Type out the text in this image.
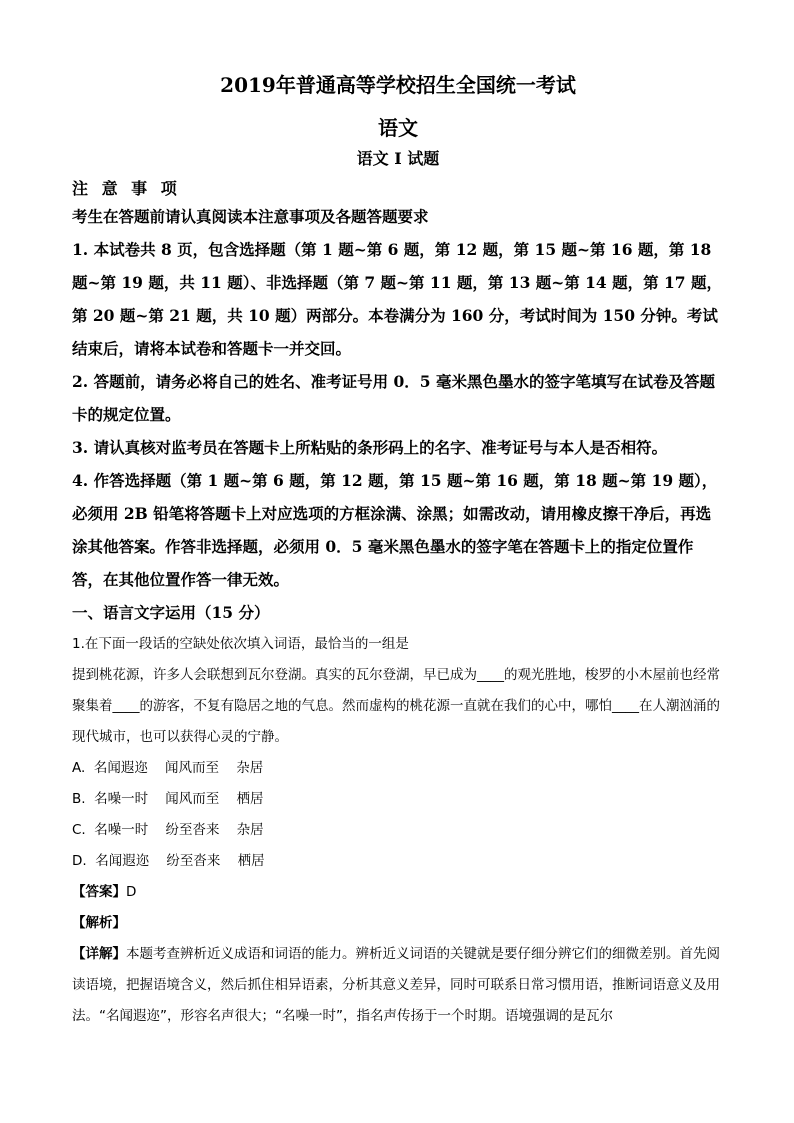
2019年普通高等学校招生全国统一考试
语文
语文 I 试题
注 意 事 项

考生在答题前请认真阅读本注意事项及各题答题要求

1. 本试卷共 8 页，包含选择题（第 1 题~第 6 题，第 12 题，第 15 题~第 16 题，第 18 题~第 19 题，共 11 题）、非选择题（第 7 题~第 11 题，第 13 题~第 14 题，第 17 题，第 20 题~第 21 题，共 10 题）两部分。本卷满分为 160 分，考试时间为 150 分钟。考试结束后，请将本试卷和答题卡一并交回。

2. 答题前，请务必将自己的姓名、准考证号用 0．5 毫米黑色墨水的签字笔填写在试卷及答题卡的规定位置。

3. 请认真核对监考员在答题卡上所粘贴的条形码上的名字、准考证号与本人是否相符。

4. 作答选择题（第 1 题~第 6 题，第 12 题，第 15 题~第 16 题，第 18 题~第 19 题），必须用 2B 铅笔将答题卡上对应选项的方框涂满、涂黑；如需改动，请用橡皮擦干净后，再选涂其他答案。作答非选择题，必须用 0．5 毫米黑色墨水的签字笔在答题卡上的指定位置作答，在其他位置作答一律无效。

一、语言文字运用（15 分）

1.在下面一段话的空缺处依次填入词语，最恰当的一组是

提到桃花源，许多人会联想到瓦尔登湖。真实的瓦尔登湖，早已成为____的观光胜地，梭罗的小木屋前也经常聚集着____的游客，不复有隐居之地的气息。然而虚构的桃花源一直就在我们的心中，哪怕____在人潮汹涌的现代城市，也可以获得心灵的宁静。

A.  名闻遐迩    闻风而至    杂居
B.  名噪一时    闻风而至    栖居
C.  名噪一时    纷至沓来    杂居
D.  名闻遐迩    纷至沓来    栖居
【答案】D
【解析】

【详解】本题考查辨析近义成语和词语的能力。辨析近义词语的关键就是要仔细分辨它们的细微差别。首先阅读语境，把握语境含义，然后抓住相异语素，分析其意义差异，同时可联系日常习惯用语，推断词语意义及用法。“名闻遐迩”，形容名声很大；“名噪一时”，指名声传扬于一个时期。语境强调的是瓦尔
